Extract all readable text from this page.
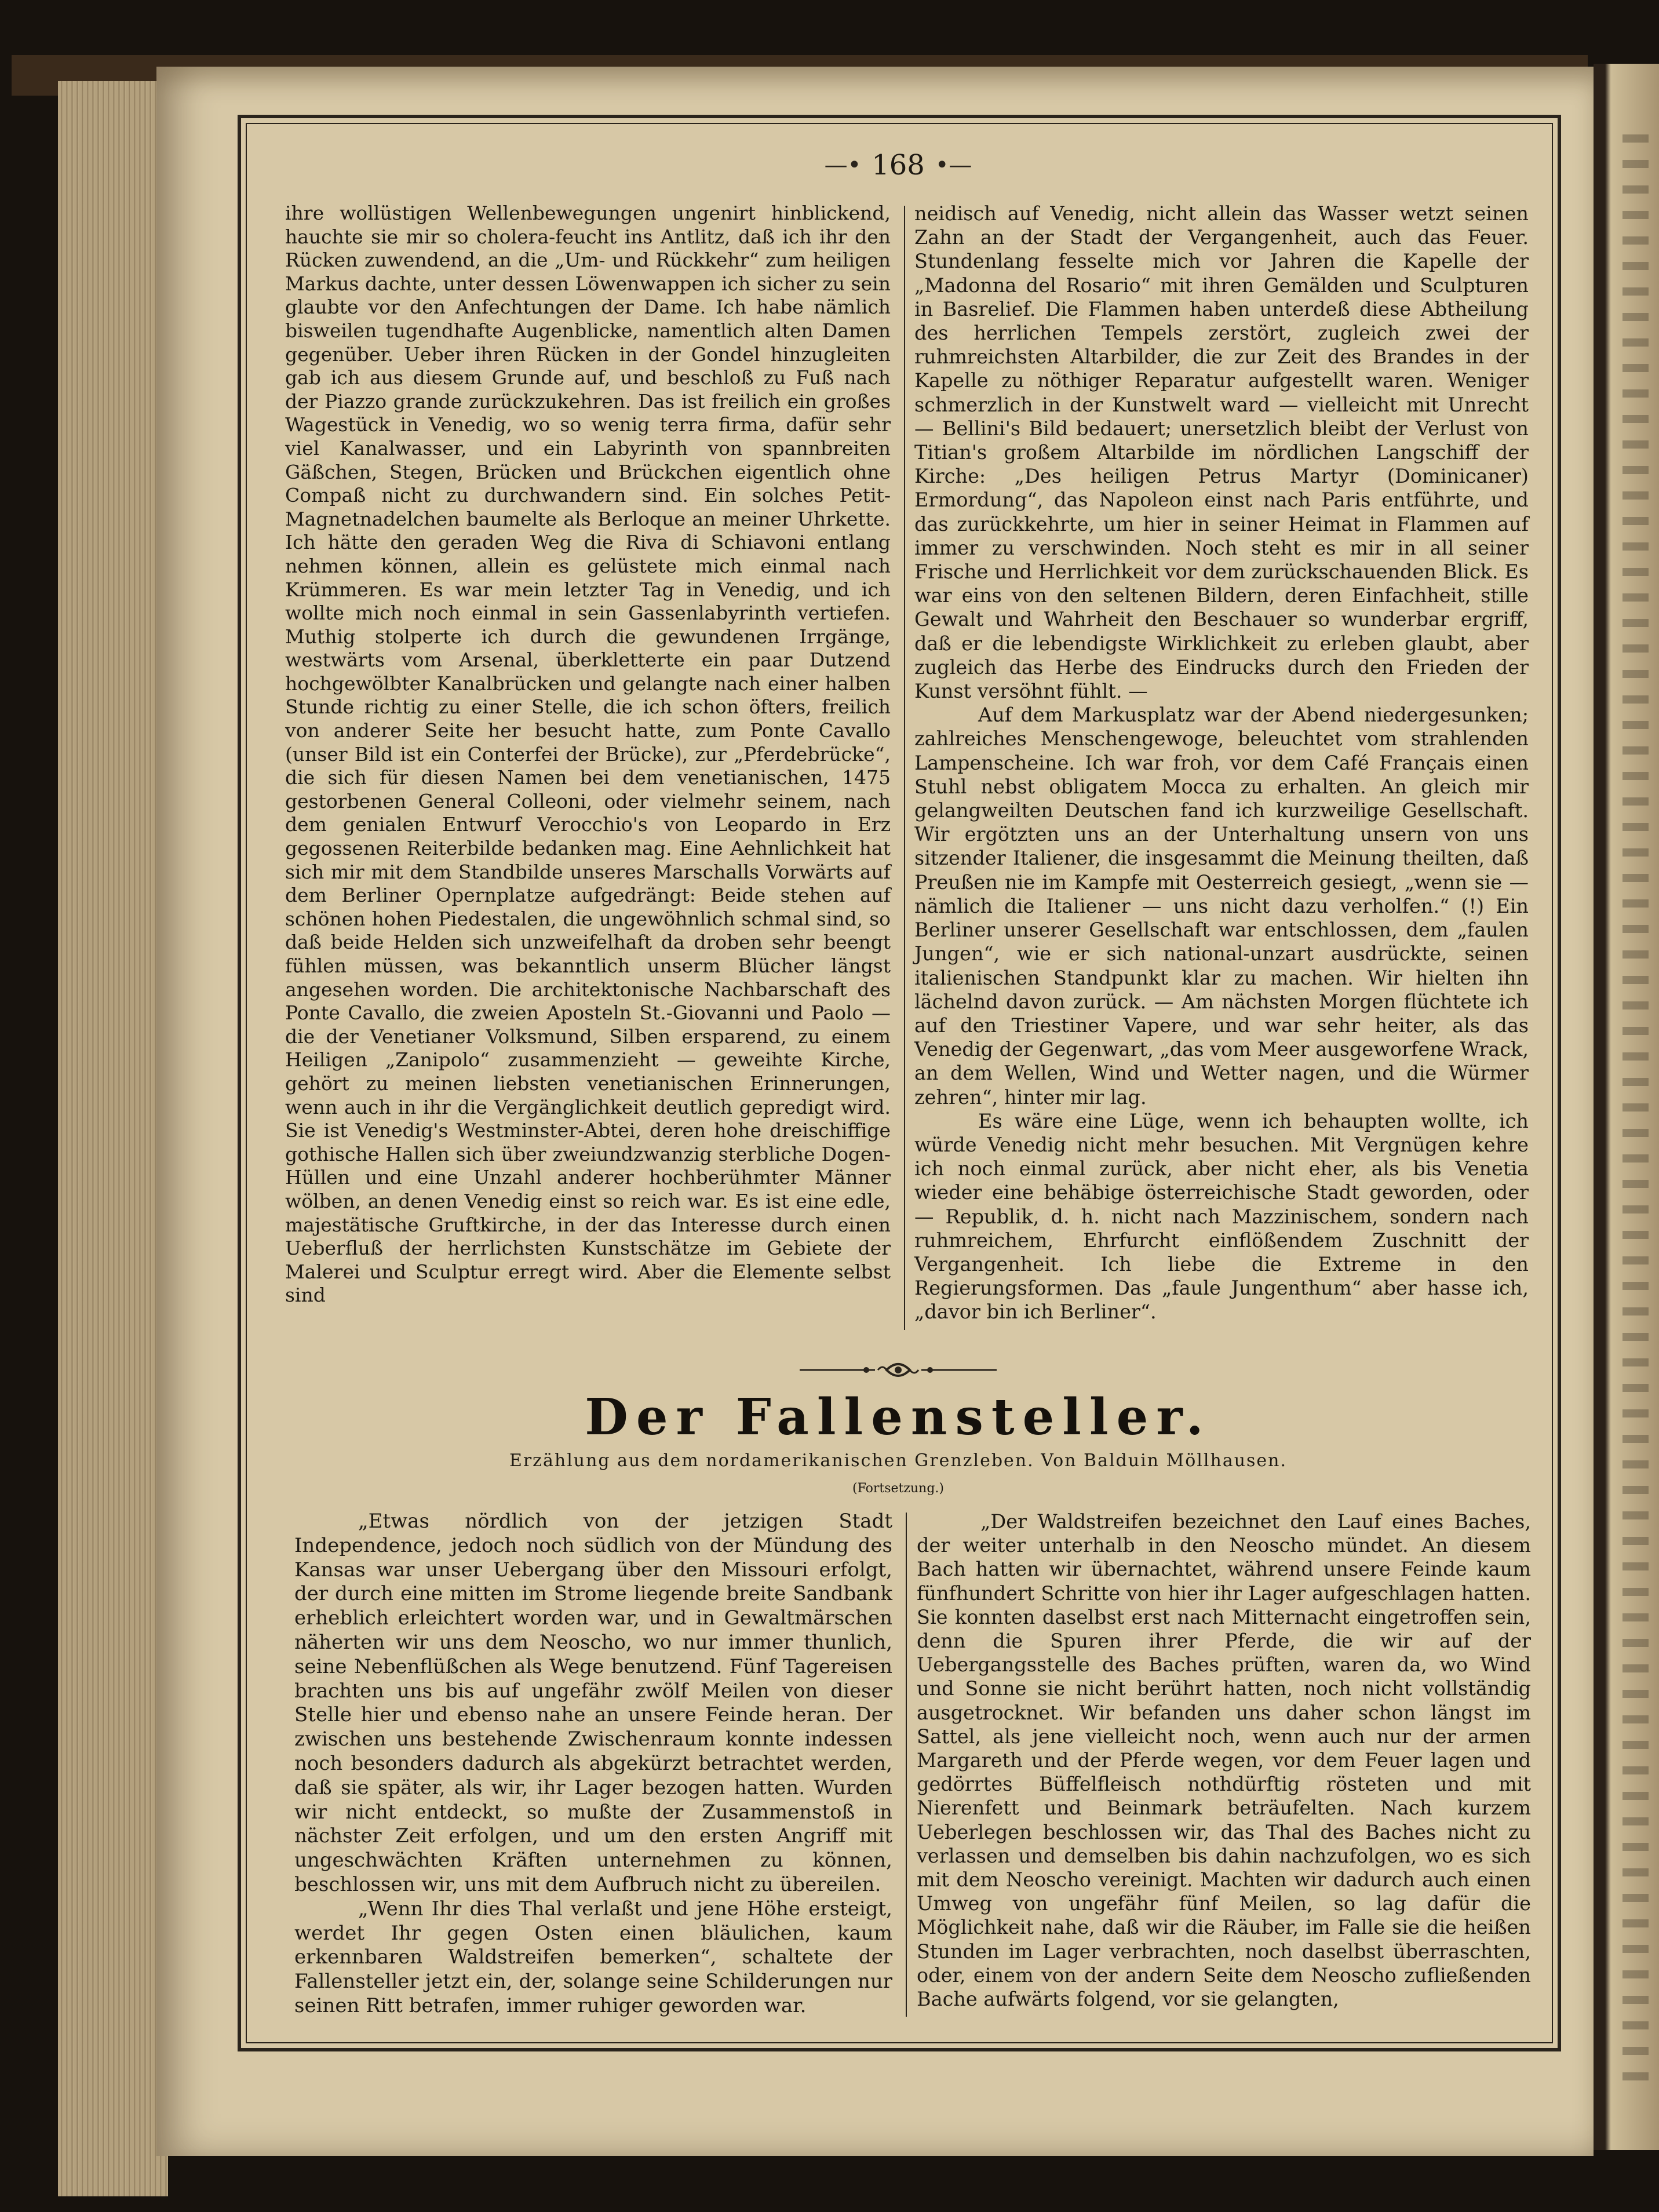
—• 168 •—

ihre wollüstigen Wellenbewegungen ungenirt hinblickend, hauchte sie mir so cholera-feucht ins Antlitz, daß ich ihr den Rücken zuwendend, an die „Um- und Rückkehr“ zum heiligen Markus dachte, unter dessen Löwenwappen ich sicher zu sein glaubte vor den Anfechtungen der Dame. Ich habe nämlich bisweilen tugendhafte Augenblicke, namentlich alten Damen gegenüber. Ueber ihren Rücken in der Gondel hinzugleiten gab ich aus diesem Grunde auf, und beschloß zu Fuß nach der Piazzo grande zurückzukehren. Das ist freilich ein großes Wagestück in Venedig, wo so wenig terra firma, dafür sehr viel Kanalwasser, und ein Labyrinth von spannbreiten Gäßchen, Stegen, Brücken und Brückchen eigentlich ohne Compaß nicht zu durchwandern sind. Ein solches Petit-Magnetnadelchen baumelte als Berloque an meiner Uhrkette. Ich hätte den geraden Weg die Riva di Schiavoni entlang nehmen können, allein es gelüstete mich einmal nach Krümmeren. Es war mein letzter Tag in Venedig, und ich wollte mich noch einmal in sein Gassenlabyrinth vertiefen. Muthig stolperte ich durch die gewundenen Irrgänge, westwärts vom Arsenal, überkletterte ein paar Dutzend hochgewölbter Kanalbrücken und gelangte nach einer halben Stunde richtig zu einer Stelle, die ich schon öfters, freilich von anderer Seite her besucht hatte, zum Ponte Cavallo (unser Bild ist ein Conterfei der Brücke), zur „Pferdebrücke“, die sich für diesen Namen bei dem venetianischen, 1475 gestorbenen General Colleoni, oder vielmehr seinem, nach dem genialen Entwurf Verocchio's von Leopardo in Erz gegossenen Reiterbilde bedanken mag. Eine Aehnlichkeit hat sich mir mit dem Standbilde unseres Marschalls Vorwärts auf dem Berliner Opernplatze aufgedrängt: Beide stehen auf schönen hohen Piedestalen, die ungewöhnlich schmal sind, so daß beide Helden sich unzweifelhaft da droben sehr beengt fühlen müssen, was bekanntlich unserm Blücher längst angesehen worden. Die architektonische Nachbarschaft des Ponte Cavallo, die zweien Aposteln St.-Giovanni und Paolo — die der Venetianer Volksmund, Silben ersparend, zu einem Heiligen „Zanipolo“ zusammenzieht — geweihte Kirche, gehört zu meinen liebsten venetianischen Erinnerungen, wenn auch in ihr die Vergänglichkeit deutlich gepredigt wird. Sie ist Venedig's Westminster-Abtei, deren hohe dreischiffige gothische Hallen sich über zweiundzwanzig sterbliche Dogen-Hüllen und eine Unzahl anderer hochberühmter Männer wölben, an denen Venedig einst so reich war. Es ist eine edle, majestätische Gruftkirche, in der das Interesse durch einen Ueberfluß der herrlichsten Kunstschätze im Gebiete der Malerei und Sculptur erregt wird. Aber die Elemente selbst sind

neidisch auf Venedig, nicht allein das Wasser wetzt seinen Zahn an der Stadt der Vergangenheit, auch das Feuer. Stundenlang fesselte mich vor Jahren die Kapelle der „Madonna del Rosario“ mit ihren Gemälden und Sculpturen in Basrelief. Die Flammen haben unterdeß diese Abtheilung des herrlichen Tempels zerstört, zugleich zwei der ruhmreichsten Altarbilder, die zur Zeit des Brandes in der Kapelle zu nöthiger Reparatur aufgestellt waren. Weniger schmerzlich in der Kunstwelt ward — vielleicht mit Unrecht — Bellini's Bild bedauert; unersetzlich bleibt der Verlust von Titian's großem Altarbilde im nördlichen Langschiff der Kirche: „Des heiligen Petrus Martyr (Dominicaner) Ermordung“, das Napoleon einst nach Paris entführte, und das zurückkehrte, um hier in seiner Heimat in Flammen auf immer zu verschwinden. Noch steht es mir in all seiner Frische und Herrlichkeit vor dem zurückschauenden Blick. Es war eins von den seltenen Bildern, deren Einfachheit, stille Gewalt und Wahrheit den Beschauer so wunderbar ergriff, daß er die lebendigste Wirklichkeit zu erleben glaubt, aber zugleich das Herbe des Eindrucks durch den Frieden der Kunst versöhnt fühlt. —

Auf dem Markusplatz war der Abend niedergesunken; zahlreiches Menschengewoge, beleuchtet vom strahlenden Lampenscheine. Ich war froh, vor dem Café Français einen Stuhl nebst obligatem Mocca zu erhalten. An gleich mir gelangweilten Deutschen fand ich kurzweilige Gesellschaft. Wir ergötzten uns an der Unterhaltung unsern von uns sitzender Italiener, die insgesammt die Meinung theilten, daß Preußen nie im Kampfe mit Oesterreich gesiegt, „wenn sie — nämlich die Italiener — uns nicht dazu verholfen.“ (!) Ein Berliner unserer Gesellschaft war entschlossen, dem „faulen Jungen“, wie er sich national-unzart ausdrückte, seinen italienischen Standpunkt klar zu machen. Wir hielten ihn lächelnd davon zurück. — Am nächsten Morgen flüchtete ich auf den Triestiner Vapere, und war sehr heiter, als das Venedig der Gegenwart, „das vom Meer ausgeworfene Wrack, an dem Wellen, Wind und Wetter nagen, und die Würmer zehren“, hinter mir lag.

Es wäre eine Lüge, wenn ich behaupten wollte, ich würde Venedig nicht mehr besuchen. Mit Vergnügen kehre ich noch einmal zurück, aber nicht eher, als bis Venetia wieder eine behäbige österreichische Stadt geworden, oder — Republik, d. h. nicht nach Mazzinischem, sondern nach ruhmreichem, Ehrfurcht einflößendem Zuschnitt der Vergangenheit. Ich liebe die Extreme in den Regierungsformen. Das „faule Jungenthum“ aber hasse ich, „davor bin ich Berliner“.

Der Fallensteller.
Erzählung aus dem nordamerikanischen Grenzleben. Von Balduin Möllhausen.
(Fortsetzung.)

„Etwas nördlich von der jetzigen Stadt Independence, jedoch noch südlich von der Mündung des Kansas war unser Uebergang über den Missouri erfolgt, der durch eine mitten im Strome liegende breite Sandbank erheblich erleichtert worden war, und in Gewaltmärschen näherten wir uns dem Neoscho, wo nur immer thunlich, seine Nebenflüßchen als Wege benutzend. Fünf Tagereisen brachten uns bis auf ungefähr zwölf Meilen von dieser Stelle hier und ebenso nahe an unsere Feinde heran. Der zwischen uns bestehende Zwischenraum konnte indessen noch besonders dadurch als abgekürzt betrachtet werden, daß sie später, als wir, ihr Lager bezogen hatten. Wurden wir nicht entdeckt, so mußte der Zusammenstoß in nächster Zeit erfolgen, und um den ersten Angriff mit ungeschwächten Kräften unternehmen zu können, beschlossen wir, uns mit dem Aufbruch nicht zu übereilen.

„Wenn Ihr dies Thal verlaßt und jene Höhe ersteigt, werdet Ihr gegen Osten einen bläulichen, kaum erkennbaren Waldstreifen bemerken“, schaltete der Fallensteller jetzt ein, der, solange seine Schilderungen nur seinen Ritt betrafen, immer ruhiger geworden war.

„Der Waldstreifen bezeichnet den Lauf eines Baches, der weiter unterhalb in den Neoscho mündet. An diesem Bach hatten wir übernachtet, während unsere Feinde kaum fünfhundert Schritte von hier ihr Lager aufgeschlagen hatten. Sie konnten daselbst erst nach Mitternacht eingetroffen sein, denn die Spuren ihrer Pferde, die wir auf der Uebergangsstelle des Baches prüften, waren da, wo Wind und Sonne sie nicht berührt hatten, noch nicht vollständig ausgetrocknet. Wir befanden uns daher schon längst im Sattel, als jene vielleicht noch, wenn auch nur der armen Margareth und der Pferde wegen, vor dem Feuer lagen und gedörrtes Büffelfleisch nothdürftig rösteten und mit Nierenfett und Beinmark beträufelten. Nach kurzem Ueberlegen beschlossen wir, das Thal des Baches nicht zu verlassen und demselben bis dahin nachzufolgen, wo es sich mit dem Neoscho vereinigt. Machten wir dadurch auch einen Umweg von ungefähr fünf Meilen, so lag dafür die Möglichkeit nahe, daß wir die Räuber, im Falle sie die heißen Stunden im Lager verbrachten, noch daselbst überraschten, oder, einem von der andern Seite dem Neoscho zufließenden Bache aufwärts folgend, vor sie gelangten,
